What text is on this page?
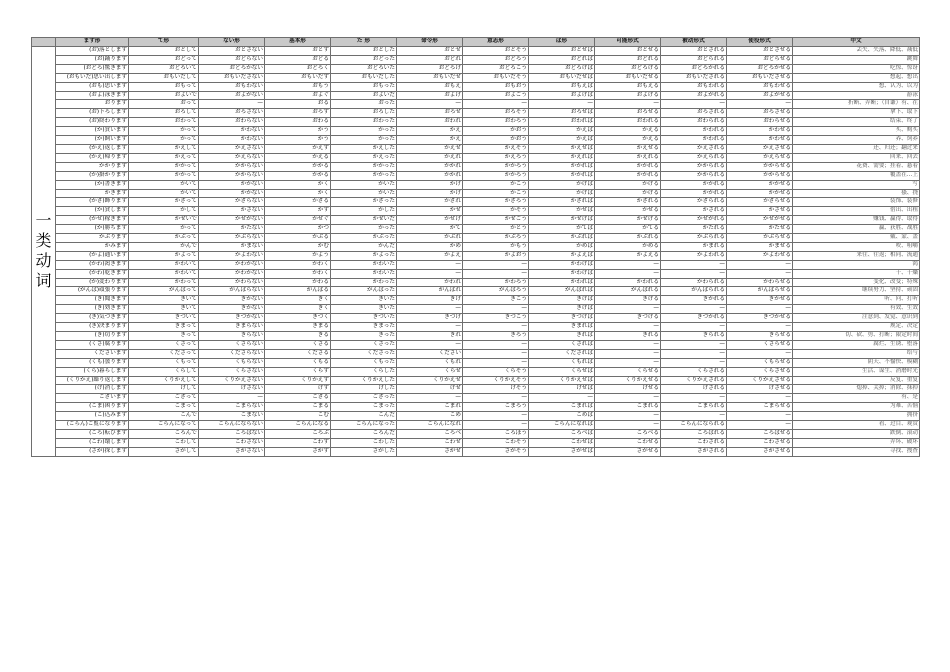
	ます形	て形	ない形	基本形	た 形	命令形	意志形	ば形	可能形式	被动形式	使役形式	中文

一类动词	(お)落とします	おとして	おとさない	おとす	おとした	おとせ	おとそう	おとせば	おとせる	おとされる	おとさせる	丢失、失落、降低、减低
	(お)踊ります	おどって	おどらない	おどる	おどった	おどれ	おどろう	おどれば	おどれる	おどられる	おどらせる	跳舞
	(おどろ)驚きます	おどろいて	おどろかない	おどろく	おどろいた	おどろけ	おどろこう	おどろけば	おどろける	おどろかれる	おどろかせる	吃惊、惊讶
	(おもいだ)思い出します	おもいだして	おもいださない	おもいだす	おもいだした	おもいだせ	おもいだそう	おもいだせば	おもいだせる	おもいだされる	おもいださせる	想起、想出
	(おも)思います	おもって	おもわない	おもう	おもった	おもえ	おもおう	おもえば	おもえる	おもわれる	おもわせる	想、认为、以为
	(およ)泳ぎます	およいで	およがない	およぐ	およいだ	およげ	およごう	およげば	およげる	およがれる	およがせる	游泳
	おります	おって	—	おる	おった	—	—	—	—	—	—	折断、弄断；（自谦）有、在
	(お)下ろします	おろして	おろさない	おろす	おろした	おろせ	おろそう	おろせば	おろせる	おろされる	おろさせる	拿下、取下
	(お)終わります	おわって	おわらない	おわる	おわった	おわれ	おわろう	おわれば	おわれる	おわられる	おわらせる	结束、终了
	(か)買います	かって	かわない	かう	かった	かえ	かおう	かえば	かえる	かわれる	かわせる	买、购买
	(か)飼います	かって	かわない	かう	かった	かえ	かおう	かえば	かえる	かわれる	かわせる	养、饲养
	(かえ)返します	かえして	かえさない	かえす	かえした	かえせ	かえそう	かえせば	かえせる	かえされる	かえさせる	还、归还；翻过来
	(かえ)帰ります	かえって	かえらない	かえる	かえった	かえれ	かえろう	かえれば	かえれる	かえられる	かえらせる	回来、回去
	かかります	かかって	かからない	かかる	かかった	かかれ	かかろう	かかれば	かかれる	かかられる	かからせる	花费、需要；挂着、悬着
	(か)掛かります	かかって	かからない	かかる	かかった	かかれ	かかろう	かかれば	かかれる	かかられる	かからせる	覆盖在…上
	(か)書きます	かいて	かかない	かく	かいた	かけ	かこう	かけば	かける	かかれる	かかせる	写
	かきます	かいて	かかない	かく	かいた	かけ	かこう	かけば	かける	かかれる	かかせる	搔、挠
	(かざ)飾ります	かざって	かざらない	かざる	かざった	かざれ	かざろう	かざれば	かざれる	かざられる	かざらせる	装饰、装修
	(か)貸します	かして	かさない	かす	かした	かせ	かそう	かせば	かせる	かされる	かさせる	借出、出租
	(かせ)稼ぎます	かせいで	かせがない	かせぐ	かせいだ	かせげ	かせごう	かせげば	かせげる	かせがれる	かせがせる	赚钱、赢得、取得
	(か)勝ちます	かって	かたない	かつ	かった	かて	かとう	かてば	かてる	かたれる	かたせる	赢、获胜、战胜
	かぶります	かぶって	かぶらない	かぶる	かぶった	かぶれ	かぶろう	かぶれば	かぶれる	かぶられる	かぶらせる	戴、蒙、盖
	かみます	かんで	かまない	かむ	かんだ	かめ	かもう	かめば	かめる	かまれる	かませる	咬、咀嚼
	(かよ)通います	かよって	かよわない	かよう	かよった	かよえ	かよおう	かよえば	かよえる	かよわれる	かよわせる	来往、往返；相同、流通
	(かわ)渇きます	かわいて	かわかない	かわく	かわいた	—	—	かわけば	—	—	—	渴
	(かわ)乾きます	かわいて	かわかない	かわく	かわいた	—	—	かわけば	—	—	—	干、干燥
	(か)変わります	かわって	かわらない	かわる	かわった	かわれ	かわろう	かわれば	かわれる	かわられる	かわらせる	变化、改变；特殊
	(がんば)頑張ります	がんばって	がんばらない	がんばる	がんばった	がんばれ	がんばろう	がんばれば	がんばれる	がんばられる	がんばらせる	继续努力、坚持、顽固
	(き)聞きます	きいて	きかない	きく	きいた	きけ	きこう	きけば	きける	きかれる	きかせる	听、问、打听
	(き)効きます	きいて	きかない	きく	きいた	—	—	きけば	—	—	—	有效、生效
	(き)気づきます	きづいて	きづかない	きづく	きづいた	きづけ	きづこう	きづけば	きづける	きづかれる	きづかせる	注意到、发觉、意识到
	(き)決まります	きまって	きまらない	きまる	きまった	—	—	きまれば	—	—	—	规定、决定
	(き)切ります	きって	きらない	きる	きった	きれ	きろう	きれば	きれる	きられる	きらせる	切、砍、剪、打断；限定时间
	(くさ)腐ります	くさって	くさらない	くさる	くさった	—	—	くされば	—	—	くさらせる	腐烂、生锈、堕落
	くださいます	くださって	くださらない	くださる	くださった	ください	—	くだされば	—	—	—	给与
	(くも)曇ります	くもって	くもらない	くもる	くもった	くもれ	—	くもれば	—	—	くもらせる	阴天、不愉快、模糊
	(くら)暮らします	くらして	くらさない	くらす	くらした	くらせ	くらそう	くらせば	くらせる	くらされる	くらさせる	生活、谋生、消磨时光
	(くりかえ)繰り返します	くりかえして	くりかえさない	くりかえす	くりかえした	くりかえせ	くりかえそう	くりかえせば	くりかえせる	くりかえされる	くりかえさせる	反复、重复
	(け)消します	けして	けさない	けす	けした	けせ	けそう	けせば	けせる	けされる	けさせる	熄掉、关掉；消除、抹掉
	ございます	ござって	—	ござる	ござった	—	—	—	—	—	—	有、是
	(こま)困ります	こまって	こまらない	こまる	こまった	こまれ	こまろう	こまれば	こまれる	こまられる	こまらせる	为难、苦恼
	(こ)込みます	こんで	こまない	こむ	こんだ	こめ	—	こめば	—	—	—	拥挤
	(ごらん)ご覧になります	ごらんになって	ごらんにならない	ごらんになる	ごらんになった	ごらんになれ	—	ごらんになれば	—	ごらんになられる	—	看、过目、观赏
	(ころ)転びます	ころんで	ころばない	ころぶ	ころんだ	ころべ	ころぼう	ころべば	ころべる	ころばれる	ころばせる	跌倒、滚动
	(こわ)壊します	こわして	こわさない	こわす	こわした	こわせ	こわそう	こわせば	こわせる	こわされる	こわさせる	弄坏、破坏
	(さが)探します	さがして	さがさない	さがす	さがした	さがせ	さがそう	さがせば	さがせる	さがされる	さがさせる	寻找、搜查
